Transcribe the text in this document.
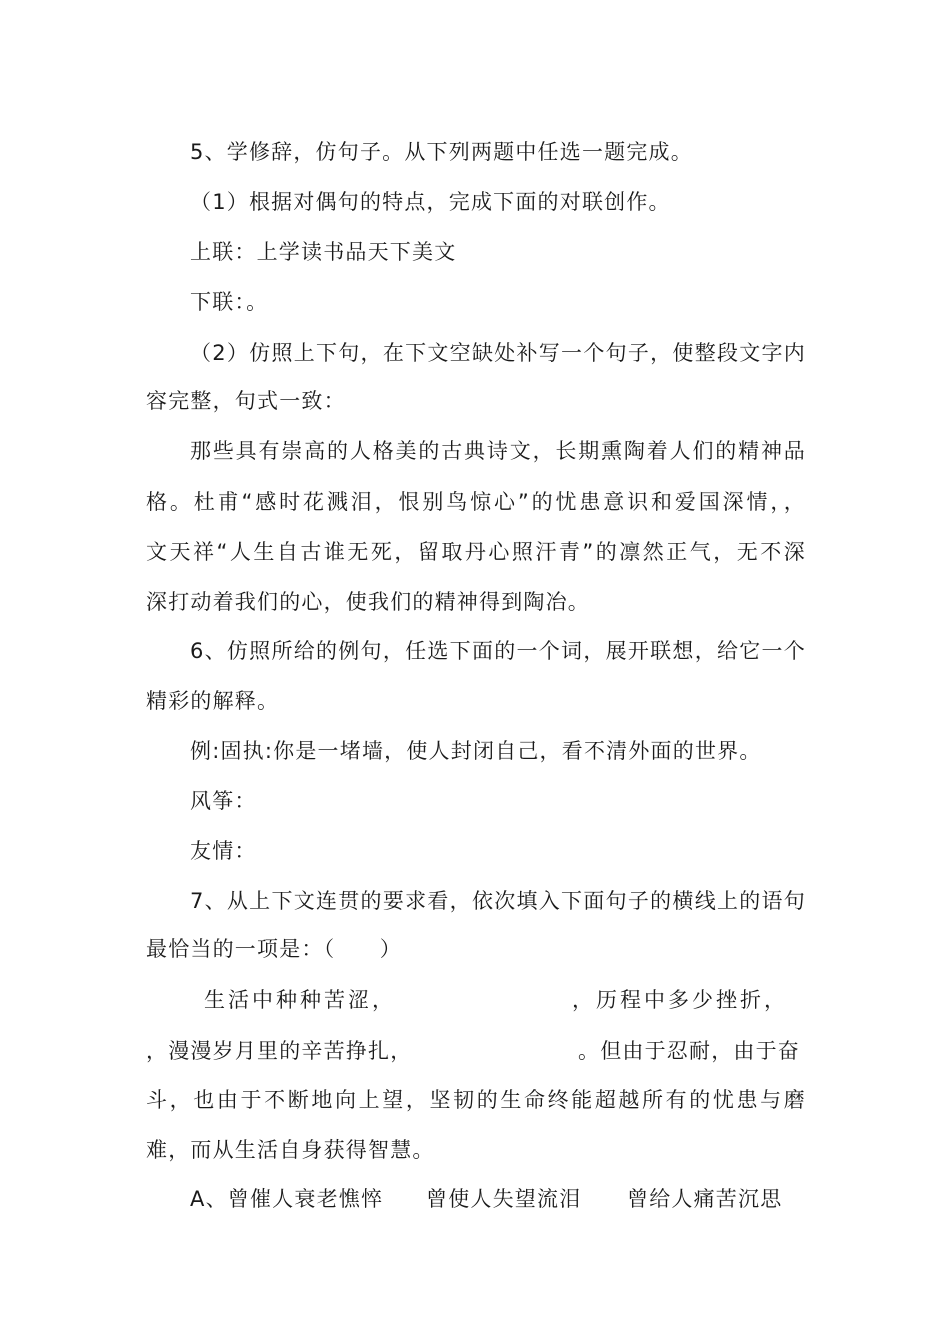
5、学修辞，仿句子。从下列两题中任选一题完成。
（1）根据对偶句的特点，完成下面的对联创作。
上联：上学读书品天下美文
下联：。
（2）仿照上下句，在下文空缺处补写一个句子，使整段文字内
容完整，句式一致：
那些具有崇高的人格美的古典诗文，长期熏陶着人们的精神品
格。杜甫“感时花溅泪，恨别鸟惊心”的忧患意识和爱国深情，，
文天祥“人生自古谁无死，留取丹心照汗青”的凛然正气，无不深
深打动着我们的心，使我们的精神得到陶冶。
6、仿照所给的例句，任选下面的一个词，展开联想，给它一个
精彩的解释。
例:固执:你是一堵墙，使人封闭自己，看不清外面的世界。
风筝：
友情：
7、从上下文连贯的要求看，依次填入下面句子的横线上的语句
最恰当的一项是：（　　）
生活中种种苦涩，	，历程中多少挫折，
，漫漫岁月里的辛苦挣扎，	。但由于忍耐，由于奋
斗，也由于不断地向上望，坚韧的生命终能超越所有的忧患与磨
难，而从生活自身获得智慧。
A、曾催人衰老憔悴 曾使人失望流泪 曾给人痛苦沉思
